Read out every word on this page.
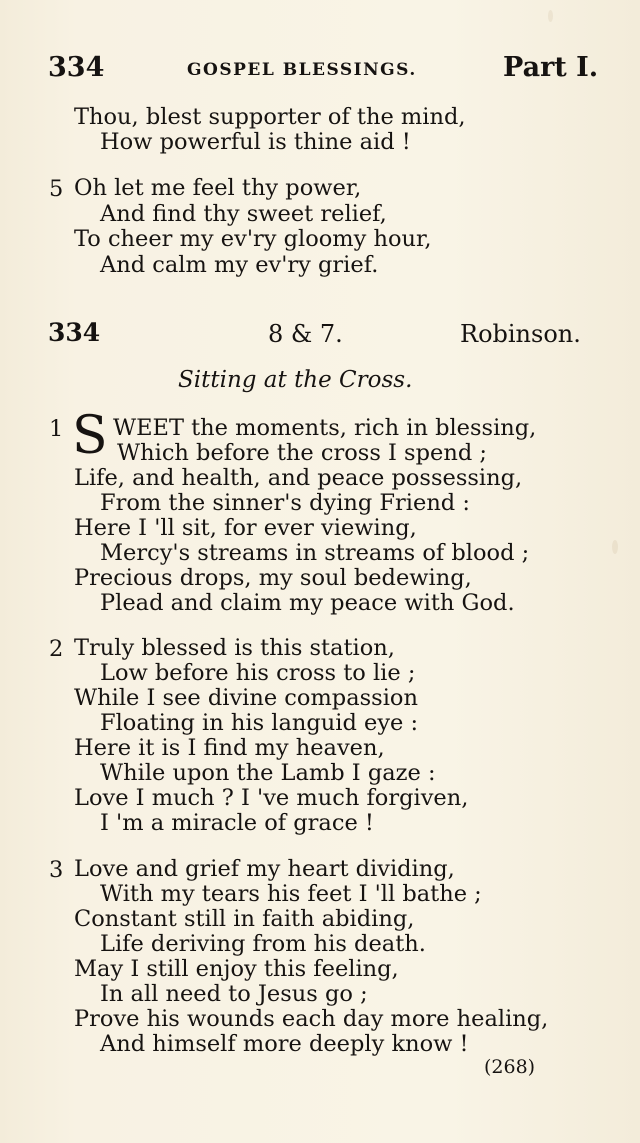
334	GOSPEL BLESSINGS.	Part I.
Thou, blest supporter of the mind,
How powerful is thine aid !
5 Oh let me feel thy power,
And find thy sweet relief,
To cheer my ev'ry gloomy hour,
And calm my ev'ry grief.
334	8 & 7.	Robinson.
Sitting at the Cross.
1 S WEET the moments, rich in blessing,
Which before the cross I spend ;
Life, and health, and peace possessing,
From the sinner's dying Friend :
Here I 'll sit, for ever viewing,
Mercy's streams in streams of blood ;
Precious drops, my soul bedewing,
Plead and claim my peace with God.
2 Truly blessed is this station,
Low before his cross to lie ;
While I see divine compassion
Floating in his languid eye :
Here it is I find my heaven,
While upon the Lamb I gaze :
Love I much ? I 've much forgiven,
I 'm a miracle of grace !
3 Love and grief my heart dividing,
With my tears his feet I 'll bathe ;
Constant still in faith abiding,
Life deriving from his death.
May I still enjoy this feeling,
In all need to Jesus go ;
Prove his wounds each day more healing,
And himself more deeply know !
(268)
